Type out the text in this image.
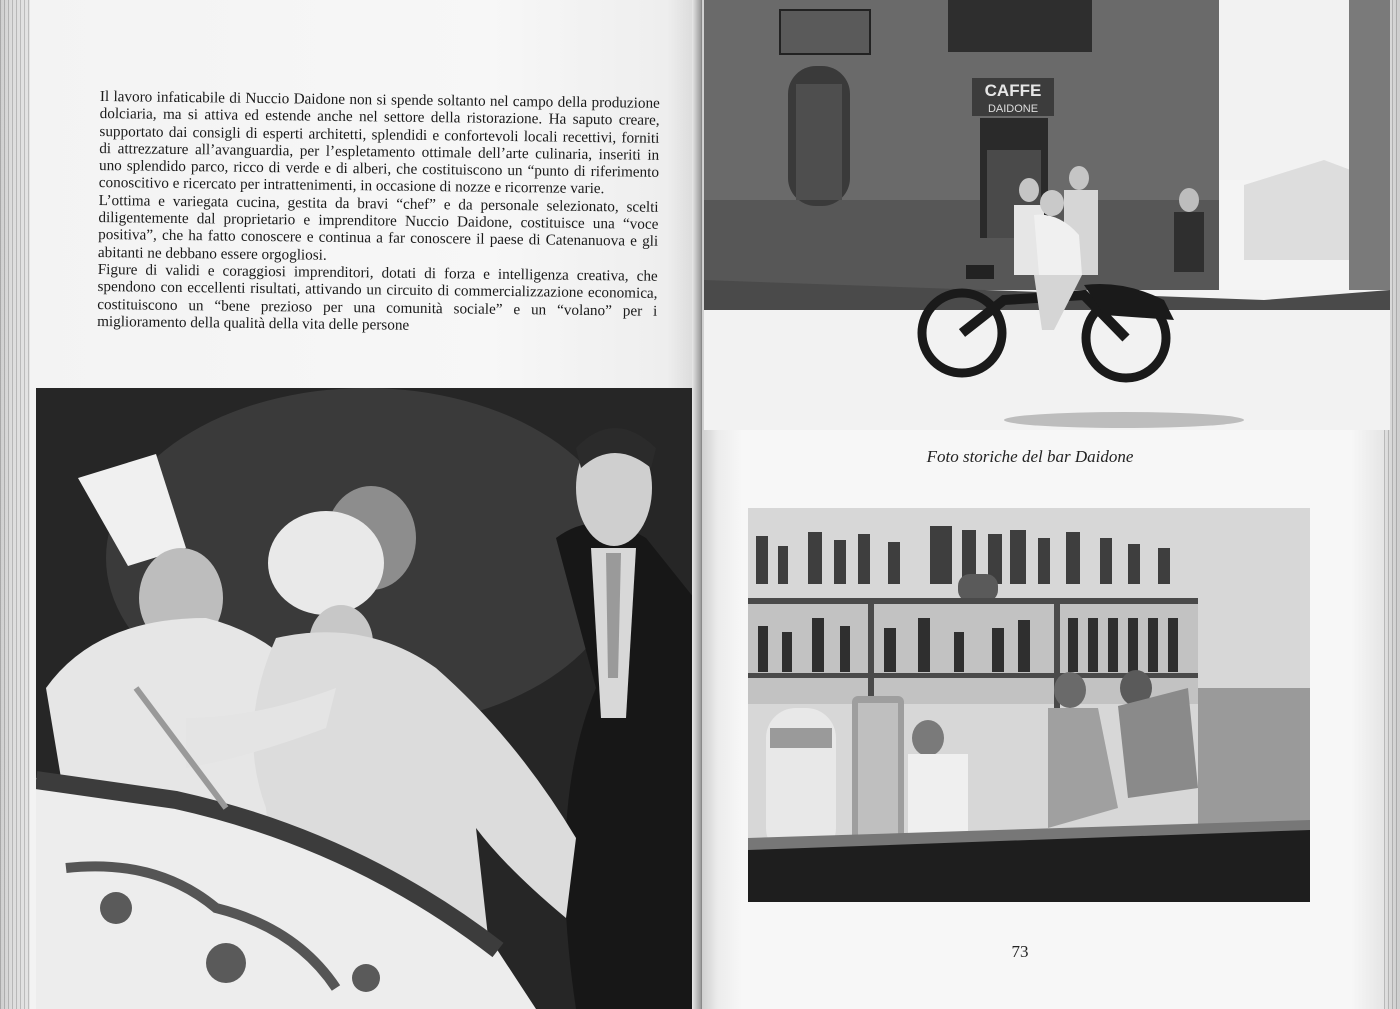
Il lavoro infaticabile di Nuccio Daidone non si spende soltanto nel campo della produzione dolciaria, ma si attiva ed estende anche nel settore della ristorazione. Ha saputo creare, supportato dai consigli di esperti architetti, splendidi e confortevoli locali recettivi, forniti di attrezzature all’avanguardia, per l’espletamento ottimale dell’arte culinaria, inseriti in uno splendido parco, ricco di verde e di alberi, che costituiscono un “punto di riferimento conoscitivo e ricercato per intrattenimenti, in occasione di nozze e ricorrenze varie.

L’ottima e variegata cucina, gestita da bravi “chef” e da personale selezionato, scelti diligentemente dal proprietario e imprenditore Nuccio Daidone, costituisce una “voce positiva”, che ha fatto conoscere e continua a far conoscere il paese di Catenanuova e gli abitanti ne debbano essere orgogliosi.

Figure di validi e coraggiosi imprenditori, dotati di forza e intelligenza creativa, che spendono con eccellenti risultati, attivando un circuito di commercializzazione economica, costituiscono un “bene prezioso per una comunità sociale” e un “volano” per i miglioramento della qualità della vita delle persone

CAFFE
DAIDONE
Foto storiche del bar Daidone
73
